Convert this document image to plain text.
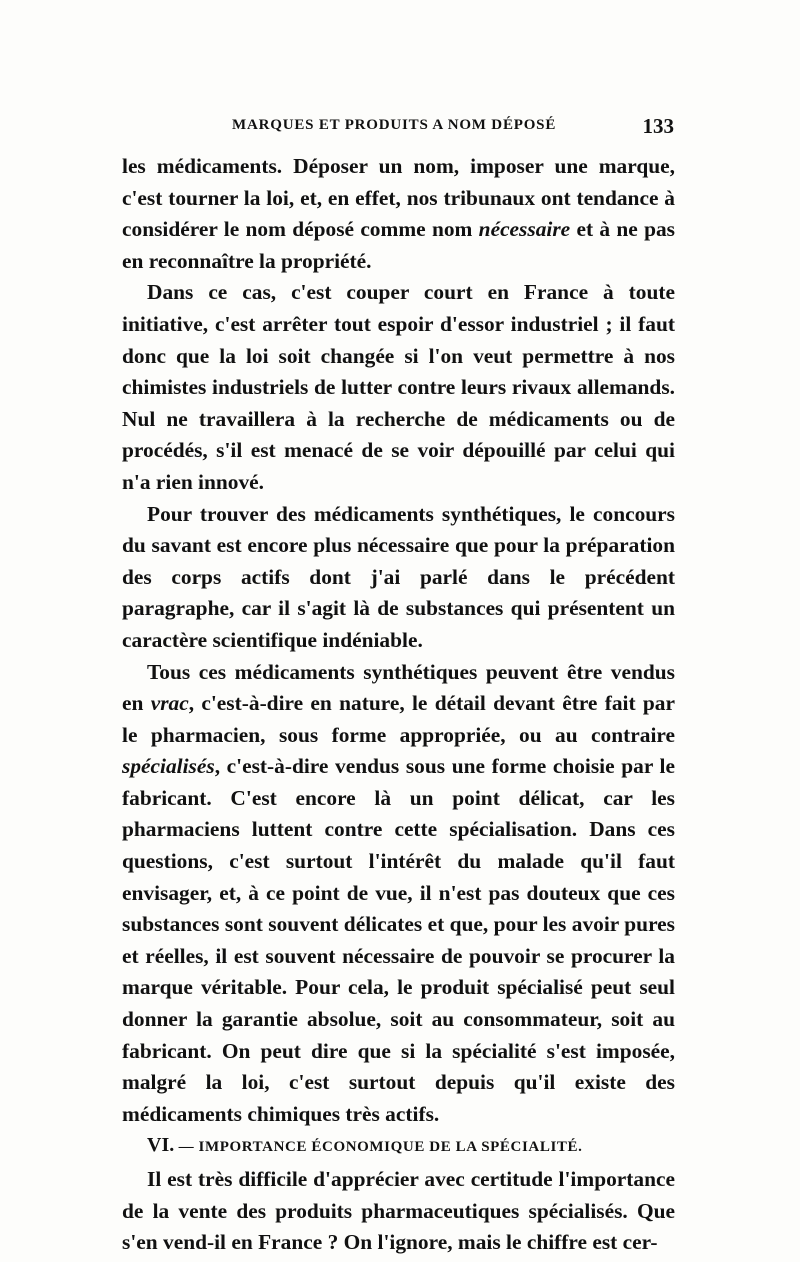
MARQUES ET PRODUITS A NOM DÉPOSÉ	133

les médicaments. Déposer un nom, imposer une marque, c'est tourner la loi, et, en effet, nos tribunaux ont tendance à considérer le nom déposé comme nom nécessaire et à ne pas en reconnaître la propriété.

Dans ce cas, c'est couper court en France à toute initiative, c'est arrêter tout espoir d'essor industriel ; il faut donc que la loi soit changée si l'on veut permettre à nos chimistes industriels de lutter contre leurs rivaux allemands. Nul ne travaillera à la recherche de médicaments ou de procédés, s'il est menacé de se voir dépouillé par celui qui n'a rien innové.

Pour trouver des médicaments synthétiques, le concours du savant est encore plus nécessaire que pour la préparation des corps actifs dont j'ai parlé dans le précédent paragraphe, car il s'agit là de substances qui présentent un caractère scientifique indéniable.

Tous ces médicaments synthétiques peuvent être vendus en vrac, c'est-à-dire en nature, le détail devant être fait par le pharmacien, sous forme appropriée, ou au contraire spécialisés, c'est-à-dire vendus sous une forme choisie par le fabricant. C'est encore là un point délicat, car les pharmaciens luttent contre cette spécialisation. Dans ces questions, c'est surtout l'intérêt du malade qu'il faut envisager, et, à ce point de vue, il n'est pas douteux que ces substances sont souvent délicates et que, pour les avoir pures et réelles, il est souvent nécessaire de pouvoir se procurer la marque véritable. Pour cela, le produit spécialisé peut seul donner la garantie absolue, soit au consommateur, soit au fabricant. On peut dire que si la spécialité s'est imposée, malgré la loi, c'est surtout depuis qu'il existe des médicaments chimiques très actifs.

VI. — IMPORTANCE ÉCONOMIQUE DE LA SPÉCIALITÉ.

Il est très difficile d'apprécier avec certitude l'importance de la vente des produits pharmaceutiques spécialisés. Que s'en vend-il en France ? On l'ignore, mais le chiffre est cer-
